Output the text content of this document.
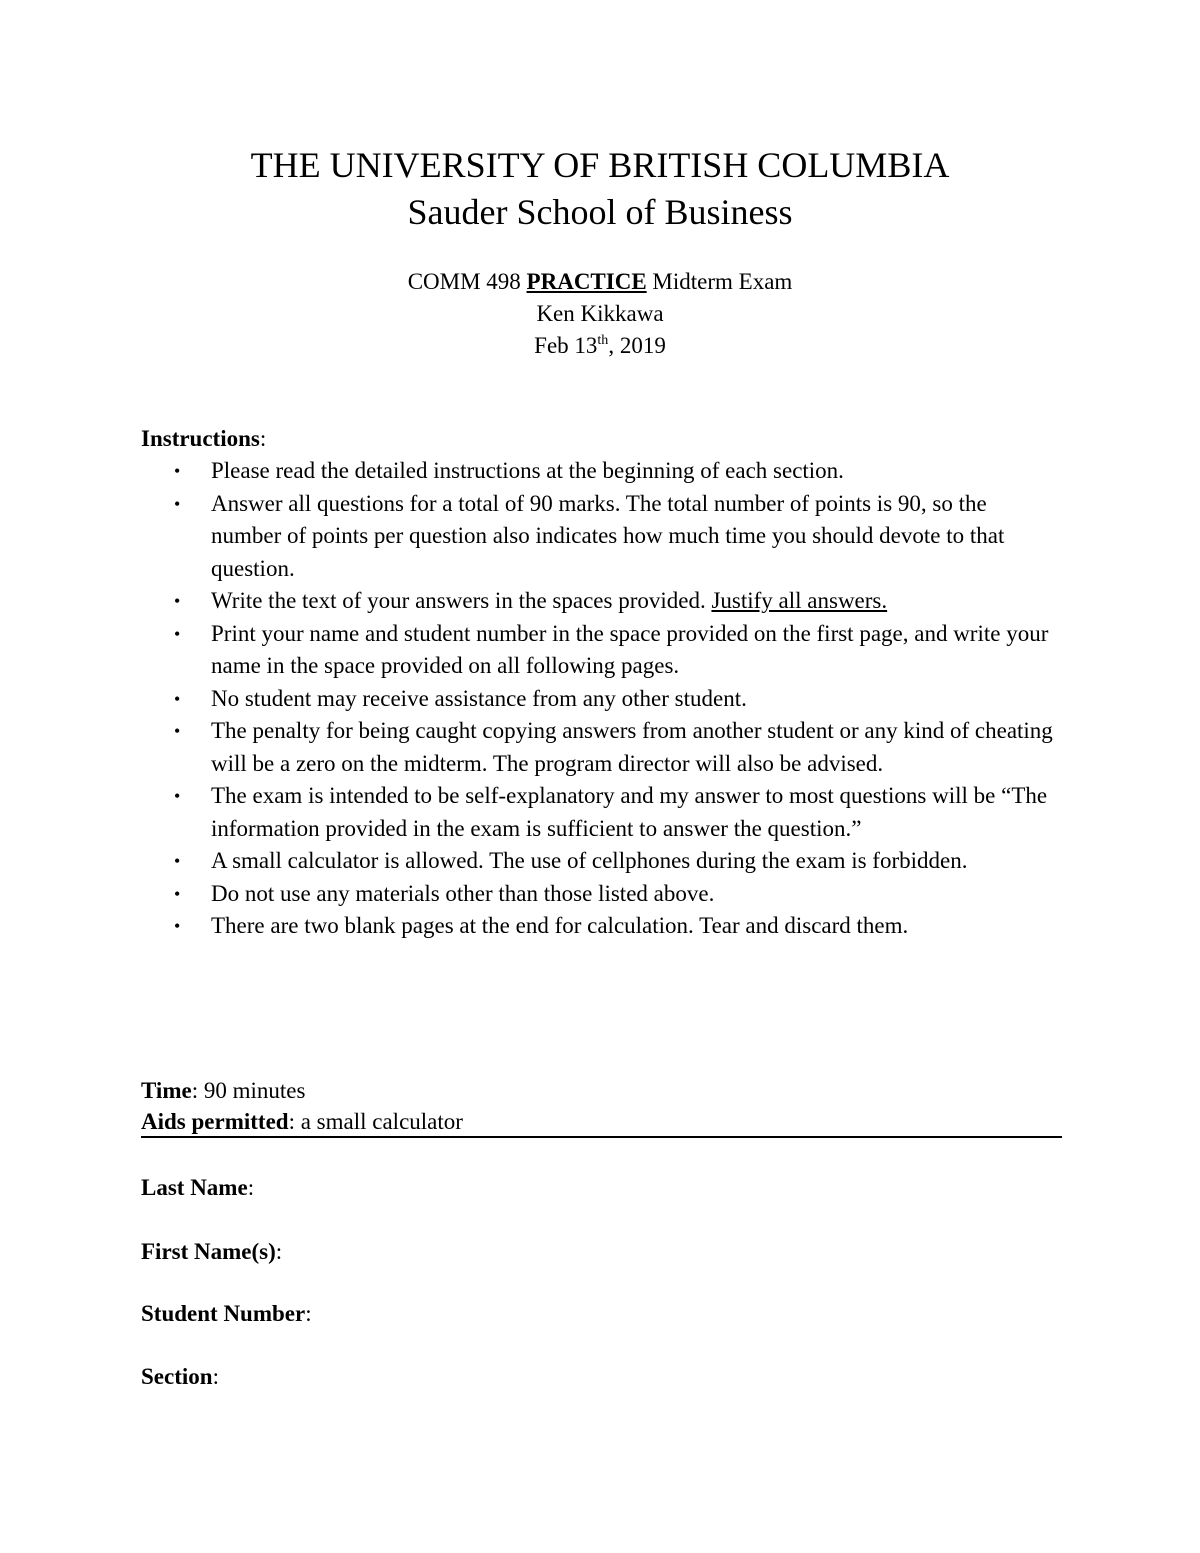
THE UNIVERSITY OF BRITISH COLUMBIA
Sauder School of Business
COMM 498 PRACTICE Midterm Exam
Ken Kikkawa
Feb 13th, 2019
Instructions:
• Please read the detailed instructions at the beginning of each section.
• Answer all questions for a total of 90 marks. The total number of points is 90, so the number of points per question also indicates how much time you should devote to that question.
• Write the text of your answers in the spaces provided. Justify all answers.
• Print your name and student number in the space provided on the first page, and write your name in the space provided on all following pages.
• No student may receive assistance from any other student.
• The penalty for being caught copying answers from another student or any kind of cheating will be a zero on the midterm. The program director will also be advised.
• The exam is intended to be self-explanatory and my answer to most questions will be “The information provided in the exam is sufficient to answer the question.”
• A small calculator is allowed. The use of cellphones during the exam is forbidden.
• Do not use any materials other than those listed above.
• There are two blank pages at the end for calculation. Tear and discard them.
Time: 90 minutes
Aids permitted: a small calculator
Last Name:
First Name(s):
Student Number:
Section:
